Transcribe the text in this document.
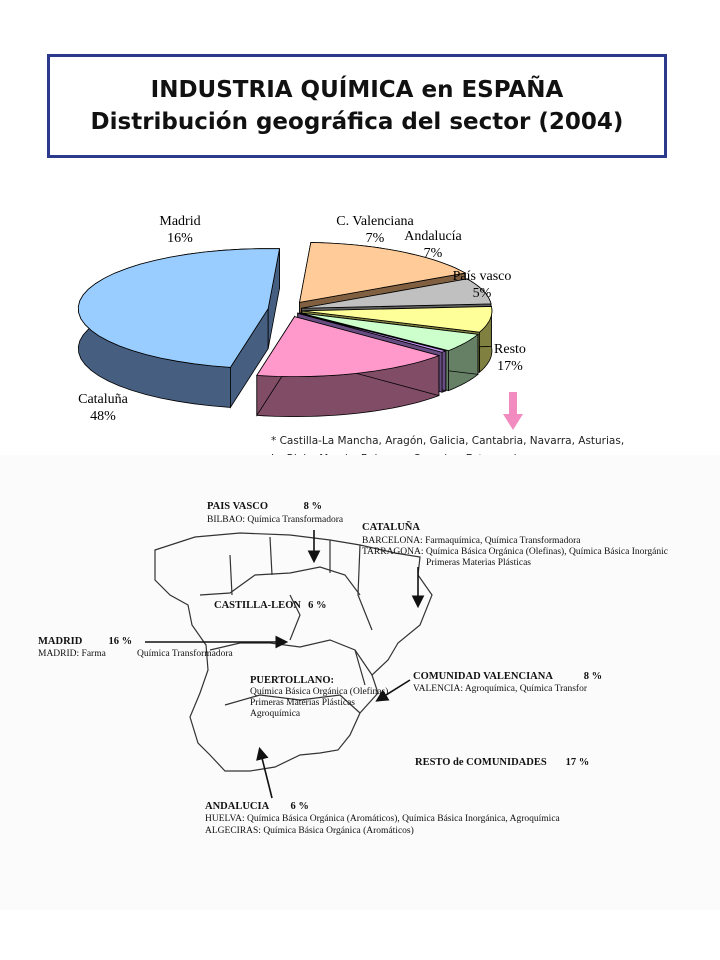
INDUSTRIA QUÍMICA en ESPAÑA
Distribución geográfica del sector (2004)
Cataluña
48%
Madrid
16%
C. Valenciana
7% Andalucía
7%
País vasco
5%
Resto
17%
* Castilla-La Mancha, Aragón, Galicia, Cantabria, Navarra, Asturias,
PAIS VASCO	8 %
BILBAO: Química Transformadora
CATALUÑA
BARCELONA: Farmaquímica, Química Transformadora
TARRAGONA: Química Básica Orgánica (Olefinas), Química Básica Inorgánic
Primeras Materias Plásticas
CASTILLA-LEON 6 %
MADRID 16 %
MADRID: Farma	Química Transformadora
PUERTOLLANO:
Química Básica Orgánica (Olefinas)
Primeras Materias Plásticas
Agroquímica
COMUNIDAD VALENCIANA	8 %
VALENCIA: Agroquímica, Química Transfor
RESTO de COMUNIDADES 17 %
ANDALUCIA 6 %
HUELVA: Química Básica Orgánica (Aromáticos), Química Básica Inorgánica, Agroquímica
ALGECIRAS: Química Básica Orgánica (Aromáticos)
